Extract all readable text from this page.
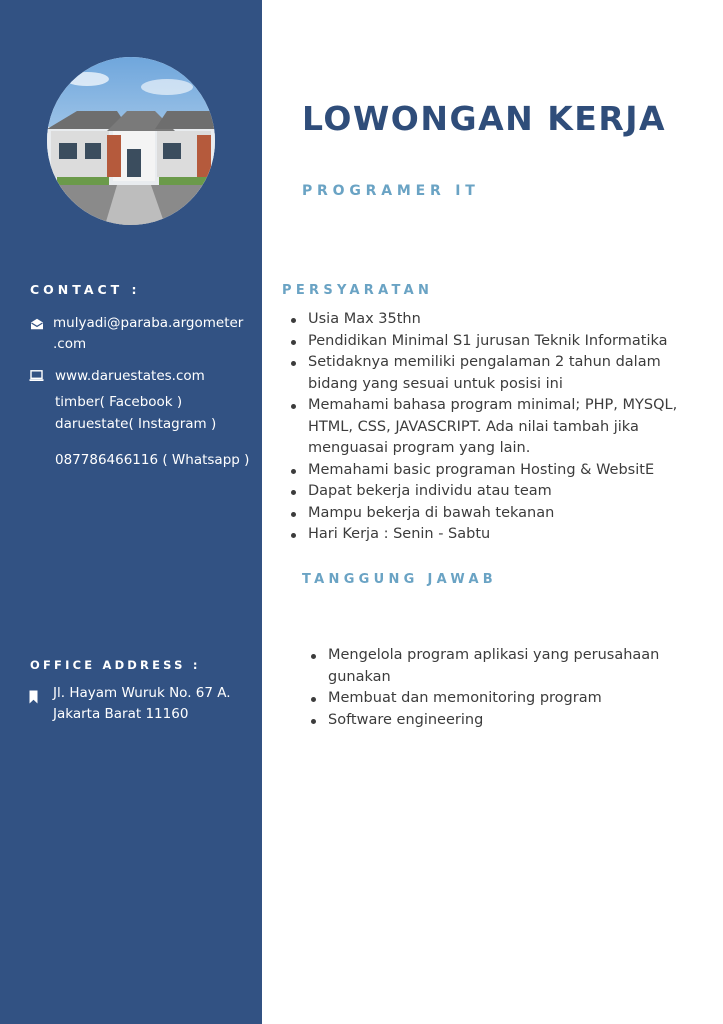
CONTACT :
mulyadi@paraba.argometer
.com
www.daruestates.com
timber( Facebook )
daruestate( Instagram )
087786466116 ( Whatsapp )
OFFICE ADDRESS :
Jl. Hayam Wuruk No. 67 A.
Jakarta Barat 11160
LOWONGAN KERJA
PROGRAMER IT
PERSYARATAN
Usia Max 35thn
Pendidikan Minimal S1 jurusan Teknik Informatika
Setidaknya memiliki pengalaman 2 tahun dalam bidang yang sesuai untuk posisi ini
Memahami bahasa program minimal; PHP, MYSQL, HTML, CSS, JAVASCRIPT. Ada nilai tambah jika menguasai program yang lain.
Memahami basic programan Hosting & WebsitE
Dapat bekerja individu atau team
Mampu bekerja di bawah tekanan
Hari Kerja : Senin - Sabtu
TANGGUNG JAWAB
Mengelola program aplikasi yang perusahaan gunakan
Membuat dan memonitoring program
Software engineering
